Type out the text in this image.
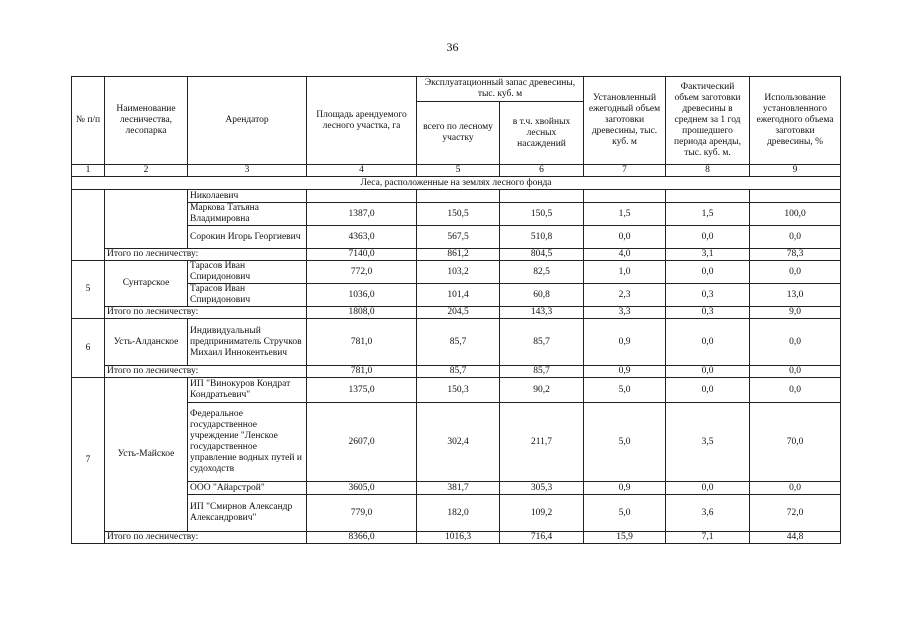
36
№ п/п	Наименование лесничества, лесопарка	Арендатор	Площадь арендуемого лесного участка, га	Эксплуатационный запас древесины, тыс. куб. м		Установленный ежегодный объем заготовки древесины, тыс. куб. м	Фактический объем заготовки древесины в среднем за 1 год прошедшего периода аренды, тыс. куб. м.	Использование установленного ежегодного объема заготовки древесины, %
				всего по лесному участку	в т.ч. хвойных лесных насаждений			
1	2	3	4	5	6	7	8	9
Леса, расположенные на землях лесного фонда								
		Николаевич						
		Маркова Татьяна Владимировна	1387,0	150,5	150,5	1,5	1,5	100,0
		Сорокин Игорь Георгиевич	4363,0	567,5	510,8	0,0	0,0	0,0
	Итого по лесничеству:		7140,0	861,2	804,5	4,0	3,1	78,3
5	Сунтарское	Тарасов Иван Спиридонович	772,0	103,2	82,5	1,0	0,0	0,0
		Тарасов Иван Спиридонович	1036,0	101,4	60,8	2,3	0,3	13,0
	Итого по лесничеству:		1808,0	204,5	143,3	3,3	0,3	9,0
6	Усть-Алданское	Индивидуальный предприниматель Стручков Михаил Иннокентьевич	781,0	85,7	85,7	0,9	0,0	0,0
	Итого по лесничеству:		781,0	85,7	85,7	0,9	0,0	0,0
7	Усть-Майское	ИП "Винокуров Кондрат Кондратьевич"	1375,0	150,3	90,2	5,0	0,0	0,0
		Федеральное государственное учреждение "Ленское государственное управление водных путей и судоходств	2607,0	302,4	211,7	5,0	3,5	70,0
		ООО "Айарстрой"	3605,0	381,7	305,3	0,9	0,0	0,0
		ИП "Смирнов Александр Александрович"	779,0	182,0	109,2	5,0	3,6	72,0
	Итого по лесничеству:		8366,0	1016,3	716,4	15,9	7,1	44,8
